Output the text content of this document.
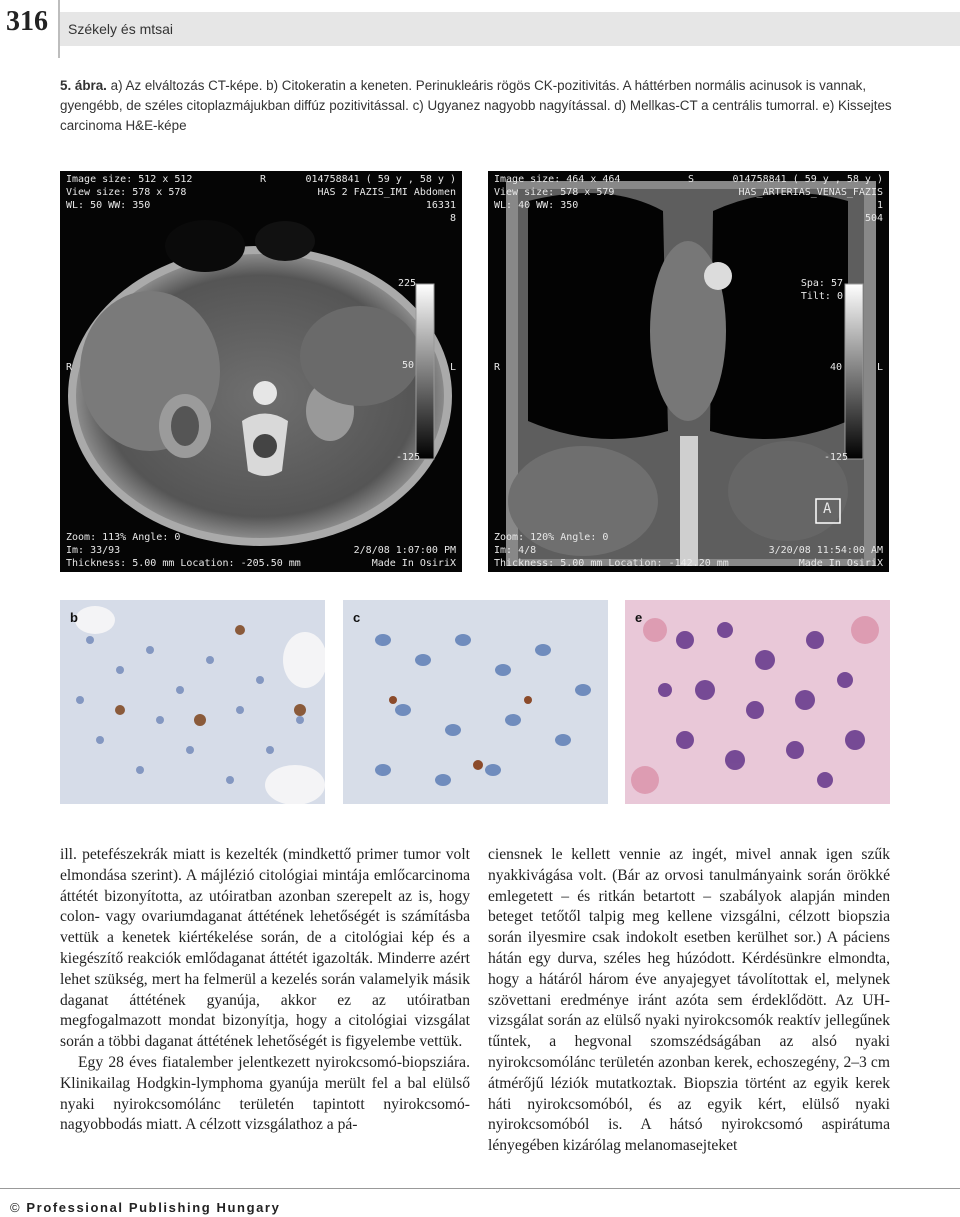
316 Székely és mtsai
5. ábra. a) Az elváltozás CT-képe. b) Citokeratin a keneten. Perinukleáris rögös CK-pozitivitás. A háttérben normális acinusok is vannak, gyengébb, de széles citoplazmájukban diffúz pozitivitással. c) Ugyanez nagyobb nagyítással. d) Mellkas-CT a centrális tumorral. e) Kissejtes carcinoma H&E-képe
Image size: 512 x 512
View size: 578 x 578
WL: 50 WW: 350
R	014758841 ( 59 y , 58 y )
HAS 2 FAZIS_IMI Abdomen
16331
8
225
50
-125
R	L
Zoom: 113% Angle: 0
Im: 33/93
Thickness: 5.00 mm Location: -205.50 mm
2/8/08 1:07:00 PM
Made In OsiriX
Image size: 464 x 464
View size: 578 x 579
WL: 40 WW: 350
S	014758841 ( 59 y , 58 y )
HAS_ARTERIAS_VENAS_FAZIS
1
504
Spa: 57
Tilt: 0
40
-125
R	L
A
Zoom: 120% Angle: 0
Im: 4/8
Thickness: 5.00 mm Location: -142.20 mm
3/20/08 11:54:00 AM
Made In OsiriX
b	c	e

ill. petefészekrák miatt is kezelték (mindkettő primer tumor volt elmondása szerint). A májlézió citológiai mintája emlőcarcinoma áttétét bizonyította, az utóiratban azonban szerepelt az is, hogy colon- vagy ovariumdaganat áttétének lehetőségét is számításba vettük a kenetek kiértékelése során, de a citológiai kép és a kiegészítő reakciók emlődaganat áttétét igazolták. Minderre azért lehet szükség, mert ha felmerül a kezelés során valamelyik másik daganat áttétének gyanúja, akkor ez az utóiratban megfogalmazott mondat bizonyítja, hogy a citológiai vizsgálat során a többi daganat áttétének lehetőségét is figyelembe vettük.

Egy 28 éves fiatalember jelentkezett nyirokcsomó-biopsziára. Klinikailag Hodgkin-lymphoma gyanúja merült fel a bal elülső nyaki nyirokcsomólánc területén tapintott nyirokcsomó-nagyobbodás miatt. A célzott vizsgálathoz a pá-

ciensnek le kellett vennie az ingét, mivel annak igen szűk nyakkivágása volt. (Bár az orvosi tanulmányaink során örökké emlegetett – és ritkán betartott – szabályok alapján minden beteget tetőtől talpig meg kellene vizsgálni, célzott biopszia során ilyesmire csak indokolt esetben kerülhet sor.) A páciens hátán egy durva, széles heg húzódott. Kérdésünkre elmondta, hogy a hátáról három éve anyajegyet távolítottak el, melynek szövettani eredménye iránt azóta sem érdeklődött. Az UH-vizsgálat során az elülső nyaki nyirokcsomók reaktív jellegűnek tűntek, a hegvonal szomszédságában az alsó nyaki nyirokcsomólánc területén azonban kerek, echoszegény, 2–3 cm átmérőjű léziók mutatkoztak. Biopszia történt az egyik kerek háti nyirokcsomóból, és az egyik kért, elülső nyaki nyirokcsomóból is. A hátsó nyirokcsomó aspirátuma lényegében kizárólag melanomasejteket

© Professional Publishing Hungary
